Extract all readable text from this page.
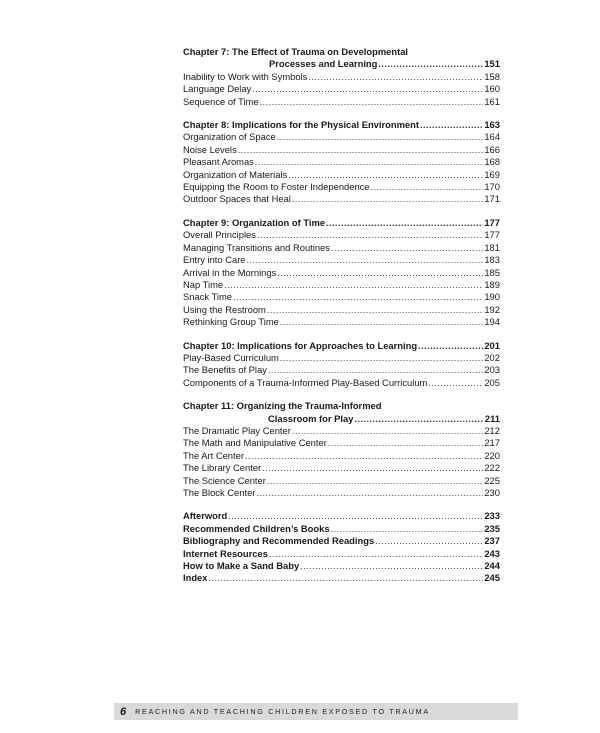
Chapter 7: The Effect of Trauma on Developmental
Processes and Learning .....	151
Inability to Work with Symbols .....	158
Language Delay .....	160
Sequence of Time .....	161
Chapter 8: Implications for the Physical Environment .....	163
Organization of Space .....	164
Noise Levels .....	166
Pleasant Aromas .....	168
Organization of Materials .....	169
Equipping the Room to Foster Independence .....	170
Outdoor Spaces that Heal .....	171
Chapter 9: Organization of Time .....	177
Overall Principles .....	177
Managing Transitions and Routines .....	181
Entry into Care .....	183
Arrival in the Mornings .....	185
Nap Time .....	189
Snack Time .....	190
Using the Restroom .....	192
Rethinking Group Time .....	194
Chapter 10: Implications for Approaches to Learning .....	201
Play-Based Curriculum .....	202
The Benefits of Play .....	203
Components of a Trauma-Informed Play-Based Curriculum .....	205
Chapter 11: Organizing the Trauma-Informed
Classroom for Play .....	211
The Dramatic Play Center .....	212
The Math and Manipulative Center .....	217
The Art Center .....	220
The Library Center .....	222
The Science Center .....	225
The Block Center .....	230
Afterword .....	233
Recommended Children’s Books .....	235
Bibliography and Recommended Readings .....	237
Internet Resources .....	243
How to Make a Sand Baby .....	244
Index .....	245
6 REACHING AND TEACHING CHILDREN EXPOSED TO TRAUMA
